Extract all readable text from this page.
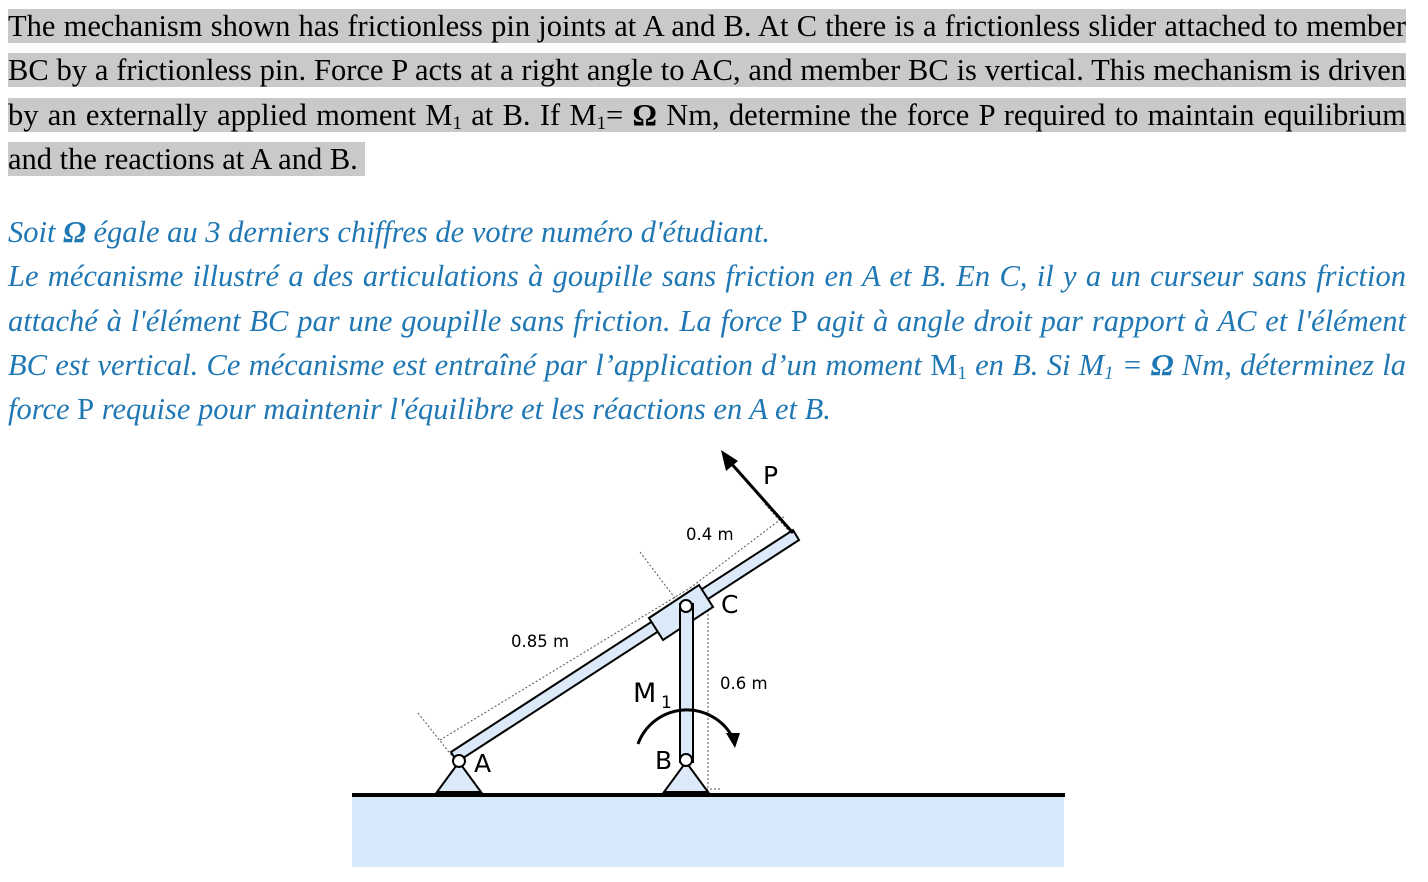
The mechanism shown has frictionless pin joints at A and B. At C there is a frictionless slider attached to member BC by a frictionless pin. Force P acts at a right angle to AC, and member BC is vertical. This mechanism is driven by an externally applied moment $M_1$ at B. If $M_1= \Omega$ Nm, determine the force P required to maintain equilibrium and the reactions at A and B.
Soit Ω égale au 3 derniers chiffres de votre numéro d'étudiant.
Le mécanisme illustré a des articulations à goupille sans friction en A et B. En C, il y a un curseur sans friction attaché à l'élément BC par une goupille sans friction. La force P agit à angle droit par rapport à AC et l'élément BC est vertical. Ce mécanisme est entraîné par l’application d’un moment $M_1$ en B. Si $M_1 = \Omega$ Nm, déterminez la force P requise pour maintenir l'équilibre et les réactions en A et B.
P
C
A	B
M 1
0.85 m
0.4 m
0.6 m
